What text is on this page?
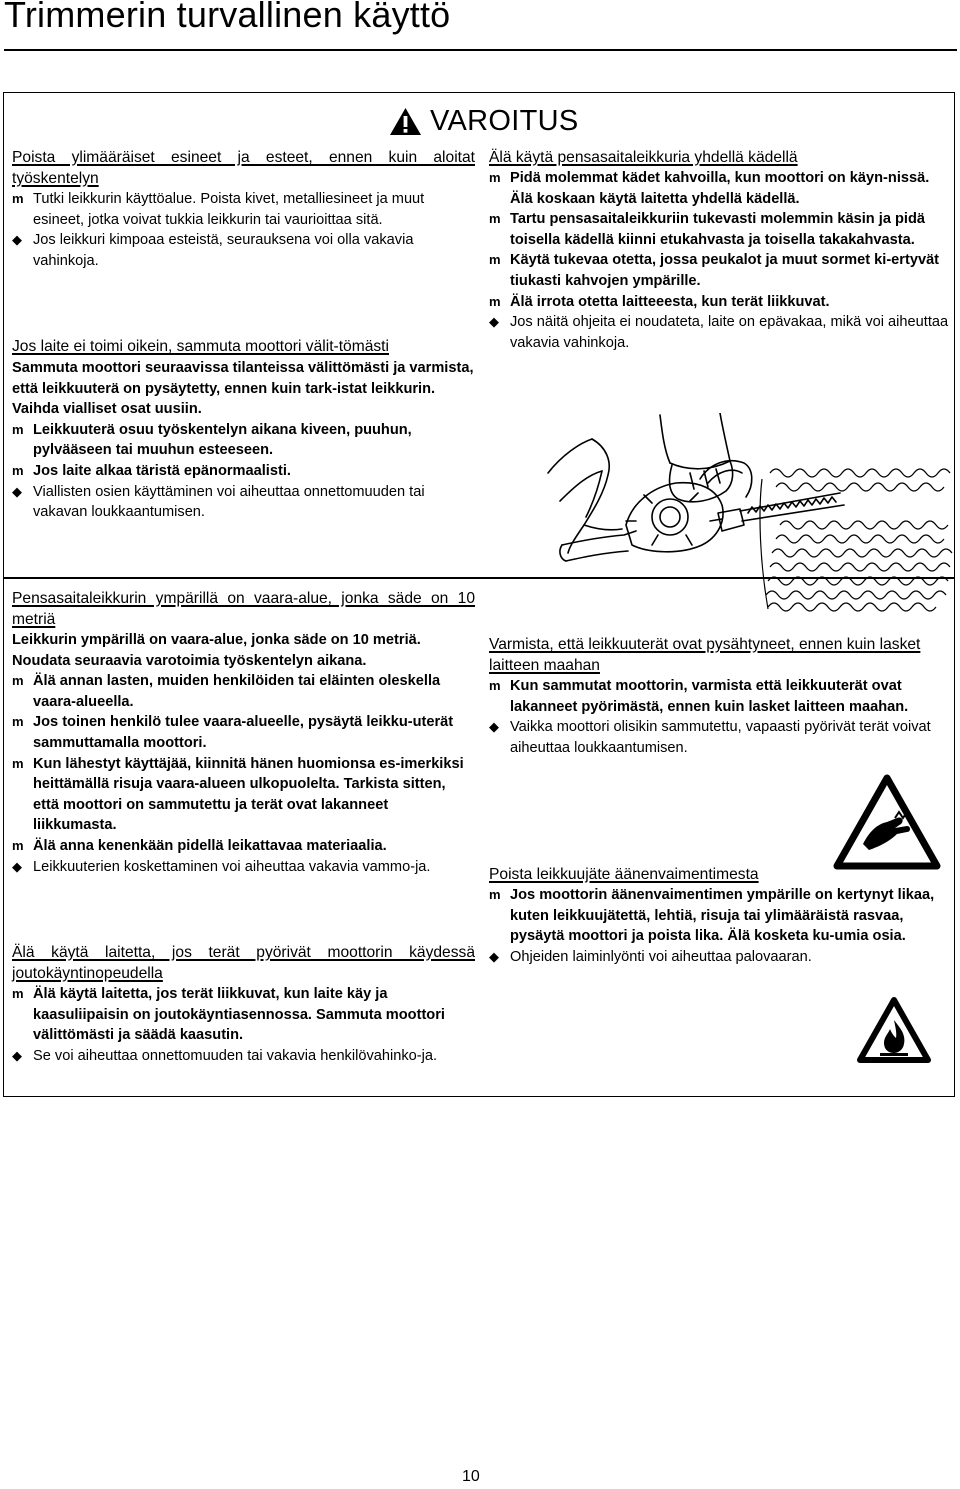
Trimmerin turvallinen käyttö
VAROITUS
Poista ylimääräiset esineet ja esteet, ennen kuin aloitat työskentelyn
m Tutki leikkurin käyttöalue. Poista kivet, metalliesineet ja muut esineet, jotka voivat tukkia leikkurin tai vaurioittaa sitä.
◆ Jos leikkuri kimpoaa esteistä, seurauksena voi olla vakavia vahinkoja.
Jos laite ei toimi oikein, sammuta moottori välit-tömästi
Sammuta moottori seuraavissa tilanteissa välittömästi ja varmista, että leikkuuterä on pysäytetty, ennen kuin tark-istat leikkurin. Vaihda vialliset osat uusiin.
m Leikkuuterä osuu työskentelyn aikana kiveen, puuhun, pylvääseen tai muuhun esteeseen.
m Jos laite alkaa täristä epänormaalisti.
◆ Viallisten osien käyttäminen voi aiheuttaa onnettomuuden tai vakavan loukkaantumisen.
Älä käytä pensasaitaleikkuria yhdellä kädellä
m Pidä molemmat kädet kahvoilla, kun moottori on käyn-nissä. Älä koskaan käytä laitetta yhdellä kädellä.
m Tartu pensasaitaleikkuriin tukevasti molemmin käsin ja pidä toisella kädellä kiinni etukahvasta ja toisella takakahvasta.
m Käytä tukevaa otetta, jossa peukalot ja muut sormet ki-ertyvät tiukasti kahvojen ympärille.
m Älä irrota otetta laitteeesta, kun terät liikkuvat.
◆ Jos näitä ohjeita ei noudateta, laite on epävakaa, mikä voi aiheuttaa vakavia vahinkoja.
Pensasaitaleikkurin ympärillä on vaara-alue, jonka säde on 10 metriä
Leikkurin ympärillä on vaara-alue, jonka säde on 10 metriä. Noudata seuraavia varotoimia työskentelyn aikana.
m Älä annan lasten, muiden henkilöiden tai eläinten oleskella vaara-alueella.
m Jos toinen henkilö tulee vaara-alueelle, pysäytä leikku-uterät sammuttamalla moottori.
m Kun lähestyt käyttäjää, kiinnitä hänen huomionsa es-imerkiksi heittämällä risuja vaara-alueen ulkopuolelta. Tarkista sitten, että moottori on sammutettu ja terät ovat lakanneet liikkumasta.
m Älä anna kenenkään pidellä leikattavaa materiaalia.
◆ Leikkuuterien koskettaminen voi aiheuttaa vakavia vammo-ja.
Älä käytä laitetta, jos terät pyörivät moottorin käydessä joutokäyntinopeudella
m Älä käytä laitetta, jos terät liikkuvat, kun laite käy ja kaasuliipaisin on joutokäyntiasennossa. Sammuta moottori välittömästi ja säädä kaasutin.
◆ Se voi aiheuttaa onnettomuuden tai vakavia henkilövahinko-ja.
Varmista, että leikkuuterät ovat pysähtyneet, ennen kuin lasket laitteen maahan
m Kun sammutat moottorin, varmista että leikkuuterät ovat lakanneet pyörimästä, ennen kuin lasket laitteen maahan.
◆ Vaikka moottori olisikin sammutettu, vapaasti pyörivät terät voivat aiheuttaa loukkaantumisen.
Poista leikkuujäte äänenvaimentimesta
m Jos moottorin äänenvaimentimen ympärille on kertynyt likaa, kuten leikkuujätettä, lehtiä, risuja tai ylimääräistä rasvaa, pysäytä moottori ja poista lika. Älä kosketa ku-umia osia.
◆ Ohjeiden laiminlyönti voi aiheuttaa palovaaran.
10
